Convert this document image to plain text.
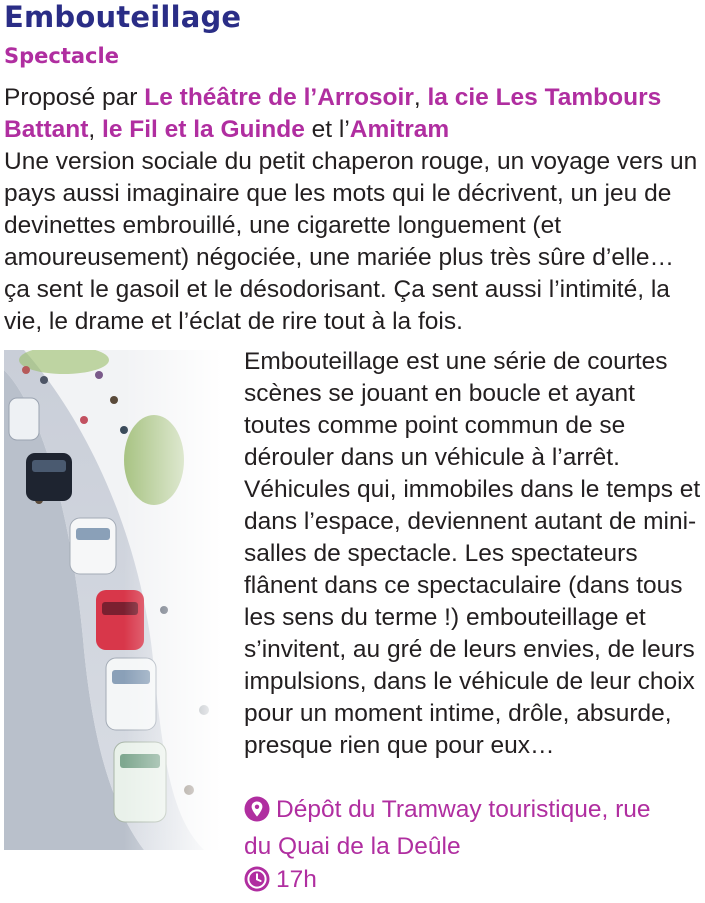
Embouteillage
Spectacle
Proposé par Le théâtre de l’Arrosoir, la cie Les Tambours Battant, le Fil et la Guinde et l’Amitram

Une version sociale du petit chaperon rouge, un voyage vers un pays aussi imaginaire que les mots qui le décrivent, un jeu de devinettes embrouillé, une cigarette longuement (et amoureusement) négociée, une mariée plus très sûre d’elle… ça sent le gasoil et le désodorisant. Ça sent aussi l’intimité, la vie, le drame et l’éclat de rire tout à la fois.

Embouteillage est une série de courtes scènes se jouant en boucle et ayant toutes comme point commun de se dérouler dans un véhicule à l’arrêt. Véhicules qui, immobiles dans le temps et dans l’espace, deviennent autant de mini-salles de spectacle. Les spectateurs flânent dans ce spectaculaire (dans tous les sens du terme !) embouteillage et s’invitent, au gré de leurs envies, de leurs impulsions, dans le véhicule de leur choix pour un moment intime, drôle, absurde, presque rien que pour eux…

Dépôt du Tramway touristique, rue du Quai de la Deûle
17h
